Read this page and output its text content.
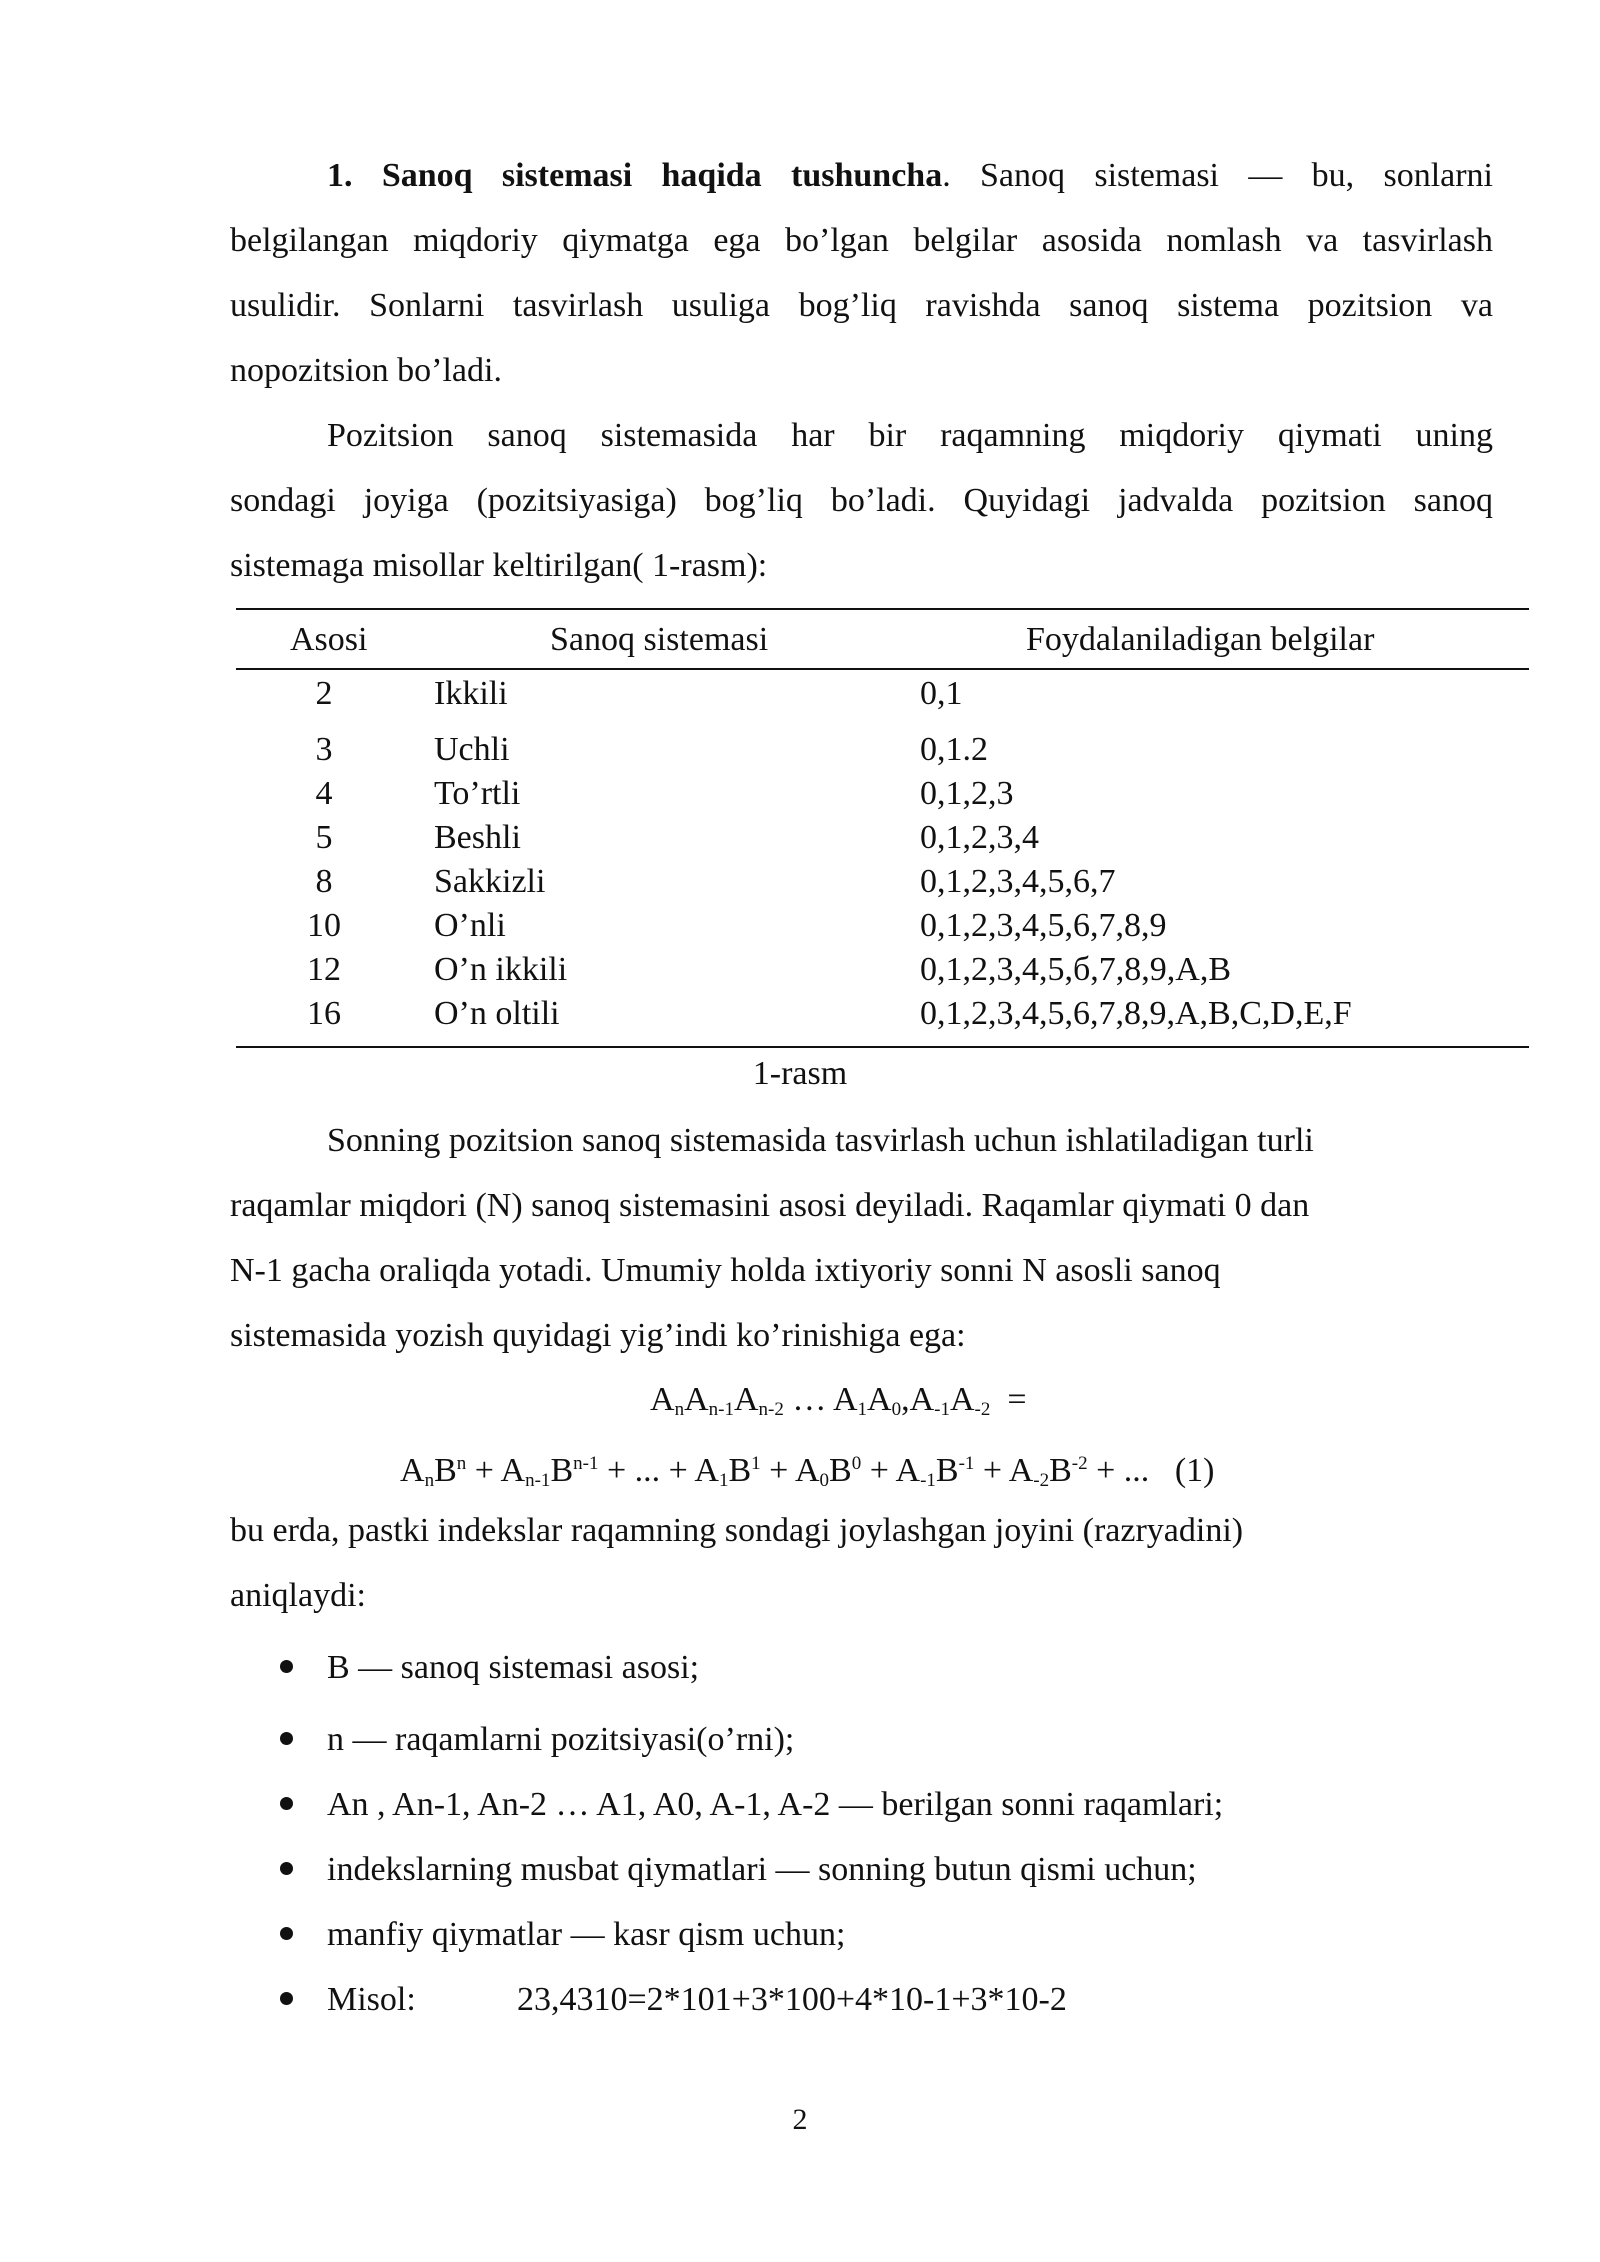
1. Sanoq sistemasi haqida tushuncha. Sanoq sistemasi — bu, sonlarni
belgilangan miqdoriy qiymatga ega bo’lgan belgilar asosida nomlash va tasvirlash
usulidir. Sonlarni tasvirlash usuliga bog’liq ravishda sanoq sistema pozitsion va
nopozitsion bo’ladi.
Pozitsion sanoq sistemasida har bir raqamning miqdoriy qiymati uning
sondagi joyiga (pozitsiyasiga) bog’liq bo’ladi. Quyidagi jadvalda pozitsion sanoq
sistemaga misollar keltirilgan( 1-rasm):
Asosi	Sanoq sistemasi	Foydalaniladigan belgilar
2	Ikkili	0,1
3	Uchli	0,1.2
4	To’rtli	0,1,2,3
5	Beshli	0,1,2,3,4
8	Sakkizli	0,1,2,3,4,5,6,7
10	O’nli	0,1,2,3,4,5,6,7,8,9
12	O’n ikkili	0,1,2,3,4,5,б,7,8,9,A,B
16	O’n oltili	0,1,2,3,4,5,6,7,8,9,A,B,C,D,E,F
1-rasm
Sonning pozitsion sanoq sistemasida tasvirlash uchun ishlatiladigan turli
raqamlar miqdori (N) sanoq sistemasini asosi deyiladi. Raqamlar qiymati 0 dan
N-1 gacha oraliqda yotadi. Umumiy holda ixtiyoriy sonni N asosli sanoq
sistemasida yozish quyidagi yig’indi ko’rinishiga ega:
$A_nA_{n-1}A_{n-2}$ … $A_1A_0,A_{-1}A_{-2}$  =
$A_nB^n + A_{n-1}B^{n-1}$ + ... + $A_1B^1 + A_0B^0 + A_{-1}B^{-1} + A_{-2}B^{-2}$ + ...   (1)
bu erda, pastki indekslar raqamning sondagi joylashgan joyini (razryadini)
aniqlaydi:
B — sanoq sistemasi asosi;
n — raqamlarni pozitsiyasi(o’rni);
An , An-1, An-2 … A1, A0, A-1, A-2 — berilgan sonni raqamlari;
indekslarning musbat qiymatlari — sonning butun qismi uchun;
manfiy qiymatlar — kasr qism uchun;
Misol:	23,4310=2*101+3*100+4*10-1+3*10-2
2
